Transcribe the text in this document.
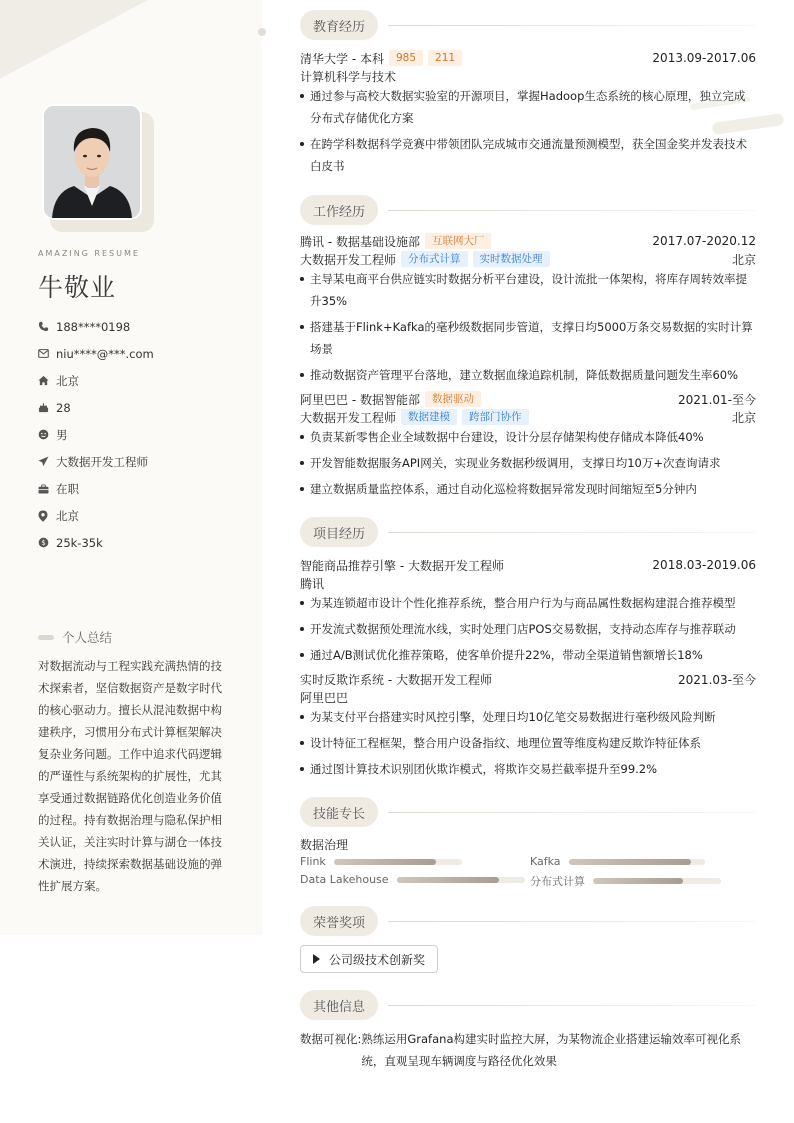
AMAZING RESUME
牛敬业
188****0198
niu****@***.com
北京
28
男
大数据开发工程师
在职
北京
$ 25k-35k
个人总结
对数据流动与工程实践充满热情的技术探索者，坚信数据资产是数字时代的核心驱动力。擅长从混沌数据中构建秩序，习惯用分布式计算框架解决复杂业务问题。工作中追求代码逻辑的严谨性与系统架构的扩展性，尤其享受通过数据链路优化创造业务价值的过程。持有数据治理与隐私保护相关认证，关注实时计算与湖仓一体技术演进，持续探索数据基础设施的弹性扩展方案。
教育经历
清华大学 - 本科	985	211	2013.09-2017.06
计算机科学与技术
通过参与高校大数据实验室的开源项目，掌握Hadoop生态系统的核心原理，独立完成分布式存储优化方案
在跨学科数据科学竞赛中带领团队完成城市交通流量预测模型，获全国金奖并发表技术白皮书
工作经历
腾讯 - 数据基础设施部	互联网大厂	2017.07-2020.12
大数据开发工程师	分布式计算	实时数据处理	北京
主导某电商平台供应链实时数据分析平台建设，设计流批一体架构，将库存周转效率提升35%
搭建基于Flink+Kafka的毫秒级数据同步管道，支撑日均5000万条交易数据的实时计算场景
推动数据资产管理平台落地，建立数据血缘追踪机制，降低数据质量问题发生率60%
阿里巴巴 - 数据智能部	数据驱动	2021.01-至今
大数据开发工程师	数据建模	跨部门协作	北京
负责某新零售企业全域数据中台建设，设计分层存储架构使存储成本降低40%
开发智能数据服务API网关，实现业务数据秒级调用，支撑日均10万+次查询请求
建立数据质量监控体系，通过自动化巡检将数据异常发现时间缩短至5分钟内
项目经历
智能商品推荐引擎 - 大数据开发工程师	2018.03-2019.06
腾讯
为某连锁超市设计个性化推荐系统，整合用户行为与商品属性数据构建混合推荐模型
开发流式数据预处理流水线，实时处理门店POS交易数据，支持动态库存与推荐联动
通过A/B测试优化推荐策略，使客单价提升22%，带动全渠道销售额增长18%
实时反欺诈系统 - 大数据开发工程师	2021.03-至今
阿里巴巴
为某支付平台搭建实时风控引擎，处理日均10亿笔交易数据进行毫秒级风险判断
设计特征工程框架，整合用户设备指纹、地理位置等维度构建反欺诈特征体系
通过图计算技术识别团伙欺诈模式，将欺诈交易拦截率提升至99.2%
技能专长
数据治理
Flink	Kafka
Data Lakehouse	分布式计算
荣誉奖项
公司级技术创新奖
其他信息
数据可视化: 熟练运用Grafana构建实时监控大屏，为某物流企业搭建运输效率可视化系统，直观呈现车辆调度与路径优化效果
